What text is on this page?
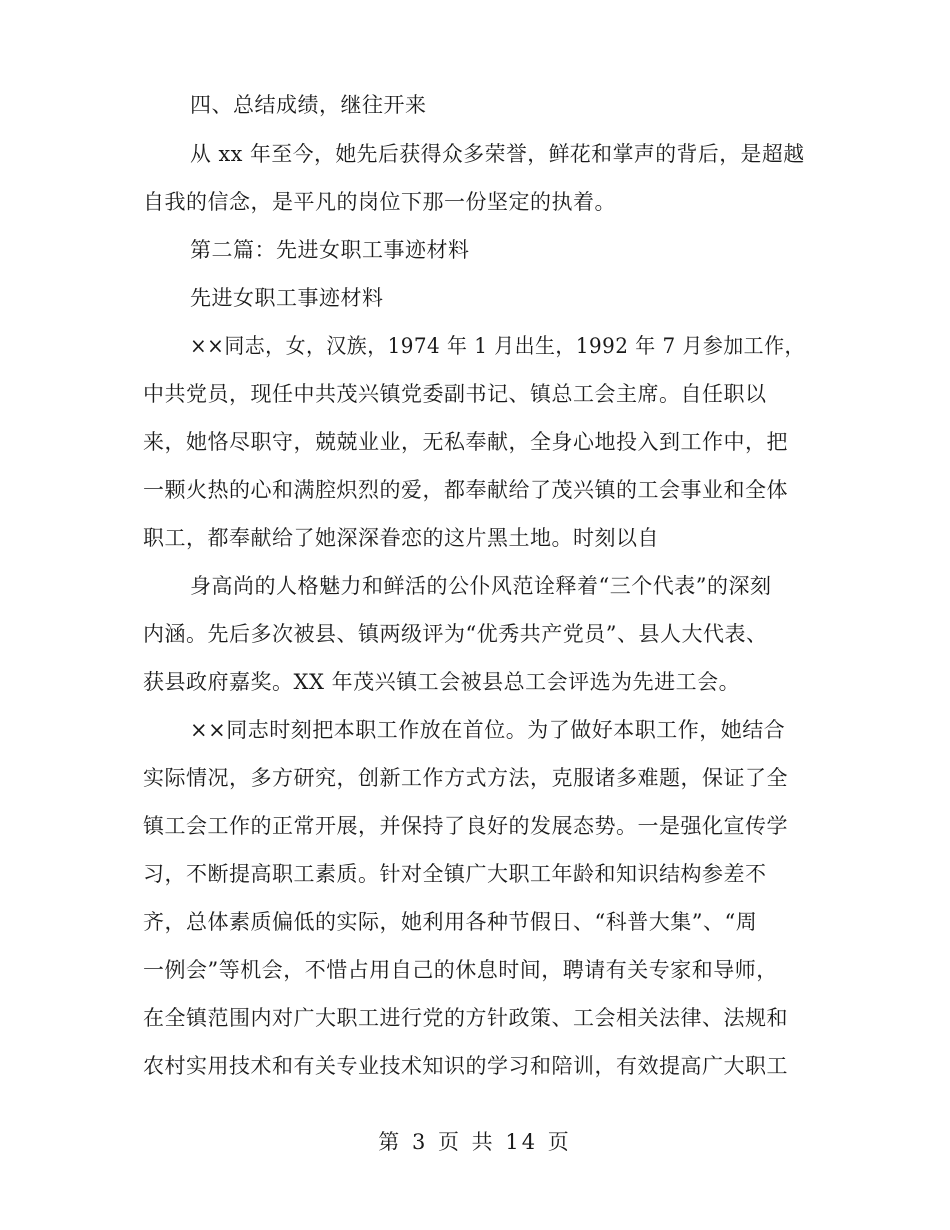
四、总结成绩，继往开来
从 xx 年至今，她先后获得众多荣誉，鲜花和掌声的背后，是超越
自我的信念，是平凡的岗位下那一份坚定的执着。
第二篇：先进女职工事迹材料
先进女职工事迹材料
××同志，女，汉族，1974 年 1 月出生，1992 年 7 月参加工作，
中共党员，现任中共茂兴镇党委副书记、镇总工会主席。自任职以
来，她恪尽职守，兢兢业业，无私奉献，全身心地投入到工作中，把
一颗火热的心和满腔炽烈的爱，都奉献给了茂兴镇的工会事业和全体
职工，都奉献给了她深深眷恋的这片黑土地。时刻以自
身高尚的人格魅力和鲜活的公仆风范诠释着“三个代表”的深刻
内涵。先后多次被县、镇两级评为“优秀共产党员”、县人大代表、
获县政府嘉奖。XX 年茂兴镇工会被县总工会评选为先进工会。
××同志时刻把本职工作放在首位。为了做好本职工作，她结合
实际情况，多方研究，创新工作方式方法，克服诸多难题，保证了全
镇工会工作的正常开展，并保持了良好的发展态势。一是强化宣传学
习，不断提高职工素质。针对全镇广大职工年龄和知识结构参差不
齐，总体素质偏低的实际，她利用各种节假日、“科普大集”、“周
一例会”等机会，不惜占用自己的休息时间，聘请有关专家和导师，
在全镇范围内对广大职工进行党的方针政策、工会相关法律、法规和
农村实用技术和有关专业技术知识的学习和陪训，有效提高广大职工
第 3 页 共 14 页
